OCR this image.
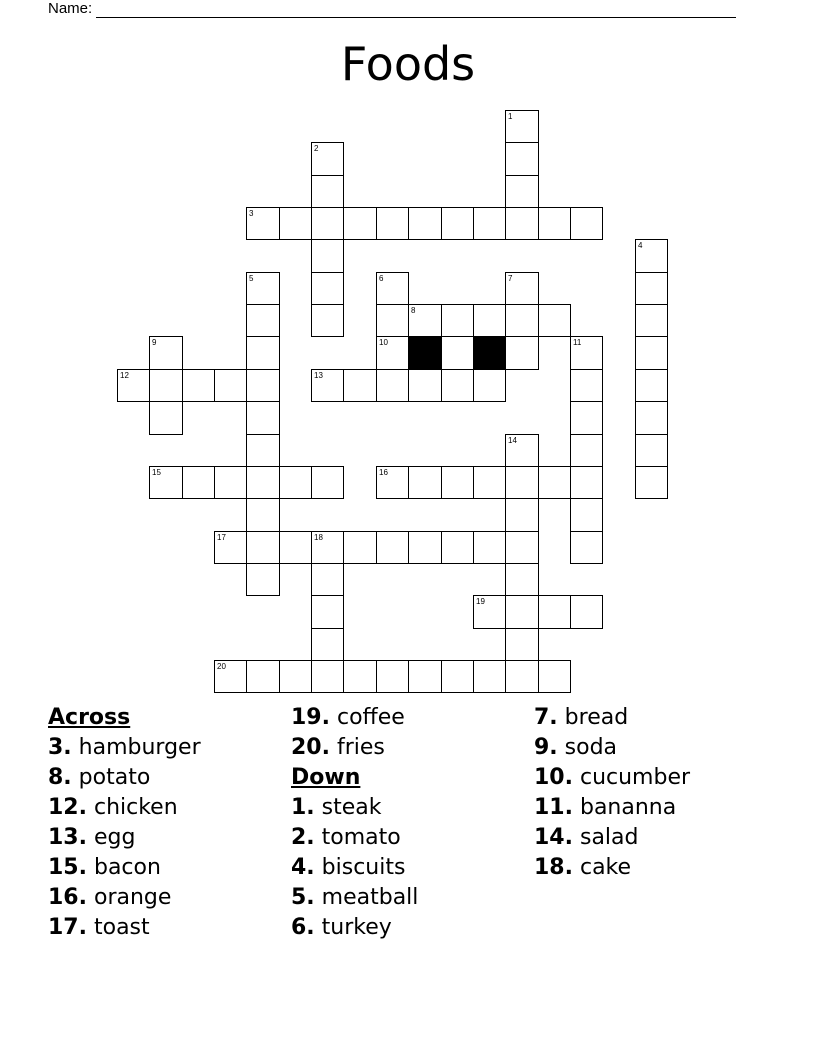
Name:
Foods
1
2
3
4
5	6
10
7
8
9	11
12	13
14
15	16
17	18
19
20
Across
3. hamburger
8. potato
12. chicken
13. egg
15. bacon
16. orange
17. toast
19. coffee
20. fries
Down
1. steak
2. tomato
4. biscuits
5. meatball
6. turkey
7. bread
9. soda
10. cucumber
11. bananna
14. salad
18. cake
